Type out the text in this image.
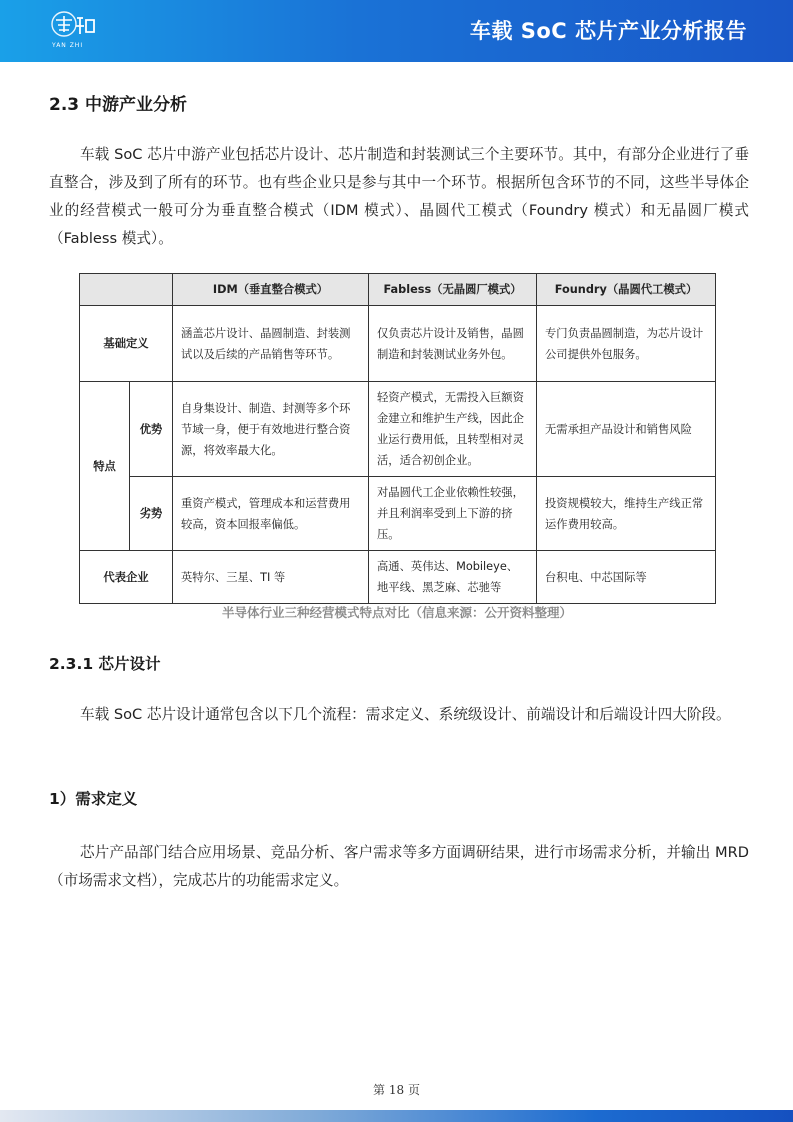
YAN ZHI
车载 SoC 芯片产业分析报告
2.3 中游产业分析

车载 SoC 芯片中游产业包括芯片设计、芯片制造和封装测试三个主要环节。其中，有部分企业进行了垂直整合，涉及到了所有的环节。也有些企业只是参与其中一个环节。根据所包含环节的不同，这些半导体企业的经营模式一般可分为垂直整合模式（IDM 模式）、晶圆代工模式（Foundry 模式）和无晶圆厂模式（Fabless 模式）。

		IDM（垂直整合模式）	Fabless（无晶圆厂模式）	Foundry（晶圆代工模式）
基础定义		涵盖芯片设计、晶圆制造、封装测试以及后续的产品销售等环节。	仅负责芯片设计及销售，晶圆制造和封装测试业务外包。	专门负责晶圆制造，为芯片设计公司提供外包服务。
特点	优势	自身集设计、制造、封测等多个环节域一身，便于有效地进行整合资源，将效率最大化。	轻资产模式，无需投入巨额资金建立和维护生产线，因此企业运行费用低，且转型相对灵活，适合初创企业。	无需承担产品设计和销售风险
	劣势	重资产模式，管理成本和运营费用较高，资本回报率偏低。	对晶圆代工企业依赖性较强，并且利润率受到上下游的挤压。	投资规模较大，维持生产线正常运作费用较高。
代表企业		英特尔、三星、TI 等	高通、英伟达、Mobileye、地平线、黑芝麻、芯驰等	台积电、中芯国际等
半导体行业三种经营模式特点对比（信息来源：公开资料整理）
2.3.1 芯片设计

车载 SoC 芯片设计通常包含以下几个流程：需求定义、系统级设计、前端设计和后端设计四大阶段。

1）需求定义

芯片产品部门结合应用场景、竞品分析、客户需求等多方面调研结果，进行市场需求分析，并输出 MRD（市场需求文档），完成芯片的功能需求定义。

第 18 页
